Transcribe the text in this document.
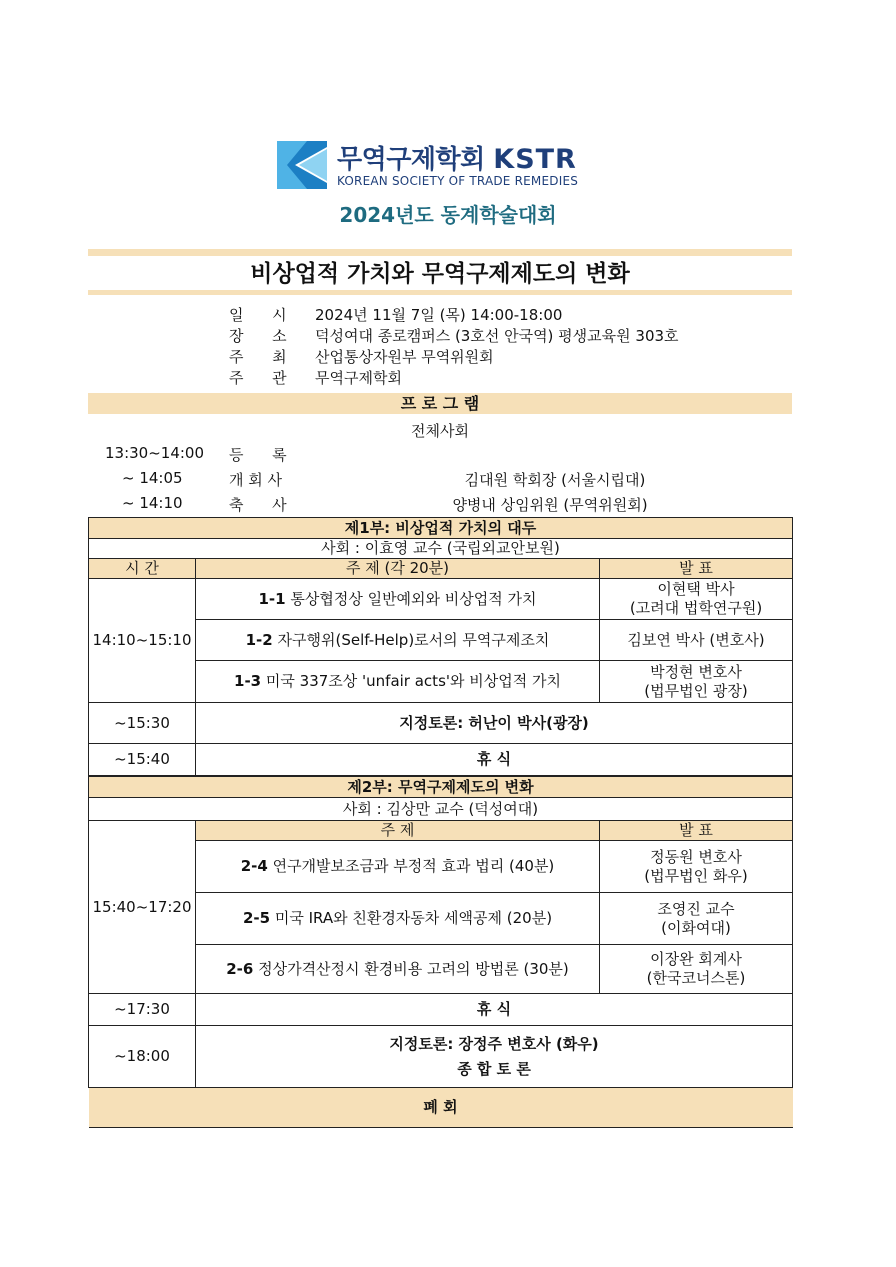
무역구제학회 KSTR
KOREAN SOCIETY OF TRADE REMEDIES
2024년도 동계학술대회
비상업적 가치와 무역구제제도의 변화
일      시 2024년 11월 7일 (목) 14:00-18:00
장      소 덕성여대 종로캠퍼스 (3호선 안국역) 평생교육원 303호
주      최 산업통상자원부 무역위원회
주      관 무역구제학회
프 로 그 램
전체사회
13:30~14:00 등      록
~ 14:05	개 회 사	김대원 학회장 (서울시립대)
~ 14:10	축      사	양병내 상임위원 (무역위원회)
제1부: 비상업적 가치의 대두		
사회 : 이효영 교수 (국립외교안보원)		
시 간	주 제 (각 20분)	발 표
14:10~15:10	1-1 통상협정상 일반예외와 비상업적 가치	이현택 박사
(고려대 법학연구원)

	1-2 자구행위(Self-Help)로서의 무역구제조치	김보연 박사 (변호사)

	1-3 미국 337조상 'unfair acts'와 비상업적 가치	박정현 변호사
(법무법인 광장)

~15:30	지정토론: 허난이 박사(광장)	
~15:40	휴 식	
제2부: 무역구제제도의 변화		
사회 : 김상만 교수 (덕성여대)		
15:40~17:20	주 제	발 표
	2-4 연구개발보조금과 부정적 효과 법리 (40분)	정동원 변호사
(법무법인 화우)

	2-5 미국 IRA와 친환경자동차 세액공제 (20분)	조영진 교수
(이화여대)

	2-6 정상가격산정시 환경비용 고려의 방법론 (30분)	이장완 회계사
(한국코너스톤)

~17:30	휴 식	
~18:00	지정토론: 장정주 변호사 (화우)
종 합 토 론	

폐 회		
